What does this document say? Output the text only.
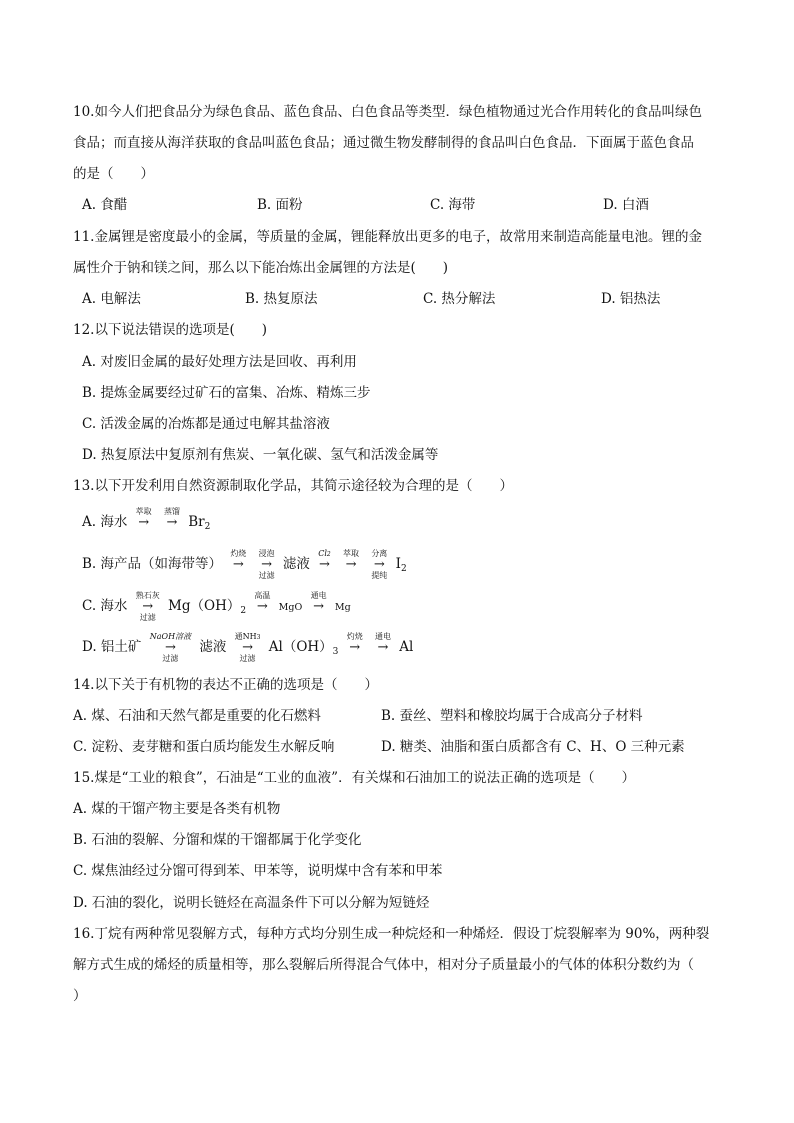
10.如今人们把食品分为绿色食品、蓝色食品、白色食品等类型．绿色植物通过光合作用转化的食品叫绿色
食品；而直接从海洋获取的食品叫蓝色食品；通过微生物发酵制得的食品叫白色食品．下面属于蓝色食品
的是（　　）
A. 食醋	B. 面粉	C. 海带	D. 白酒
11.金属锂是密度最小的金属，等质量的金属，锂能释放出更多的电子，故常用来制造高能量电池。锂的金
属性介于钠和镁之间，那么以下能冶炼出金属锂的方法是(　　)
A. 电解法	B. 热复原法	C. 热分解法	D. 铝热法
12.以下说法错误的选项是(　　)
A. 对废旧金属的最好处理方法是回收、再利用
B. 提炼金属要经过矿石的富集、冶炼、精炼三步
C. 活泼金属的冶炼都是通过电解其盐溶液
D. 热复原法中复原剂有焦炭、一氧化碳、氢气和活泼金属等
13.以下开发利用自然资源制取化学品，其简示途径较为合理的是（　　）
A. 海水
萃取
→

蒸馏
→ $Br_2$
B. 海产品（如海带等）
灼烧
→

浸泡
→
过滤
滤液
Cl2
→

萃取
→

分离
→
提纯
$I_2$
C. 海水
熟石灰
→
过滤
$Mg(OH)_2$
高温
→ MgO
通电
→ Mg
D. 铝土矿
NaOH溶液
→
过滤
滤液
通NH3
→
过滤
$Al(OH)_3$
灼烧
→

通电
→ Al
14.以下关于有机物的表达不正确的选项是（　　）
A. 煤、石油和天然气都是重要的化石燃料	B. 蚕丝、塑料和橡胶均属于合成高分子材料
C. 淀粉、麦芽糖和蛋白质均能发生水解反响	D. 糖类、油脂和蛋白质都含有 C、H、O 三种元素
15.煤是“工业的粮食”，石油是“工业的血液”．有关煤和石油加工的说法正确的选项是（　　）
A. 煤的干馏产物主要是各类有机物
B. 石油的裂解、分馏和煤的干馏都属于化学变化
C. 煤焦油经过分馏可得到苯、甲苯等，说明煤中含有苯和甲苯
D. 石油的裂化，说明长链烃在高温条件下可以分解为短链烃
16.丁烷有两种常见裂解方式，每种方式均分别生成一种烷烃和一种烯烃．假设丁烷裂解率为 90%，两种裂
解方式生成的烯烃的质量相等，那么裂解后所得混合气体中，相对分子质量最小的气体的体积分数约为（
）
